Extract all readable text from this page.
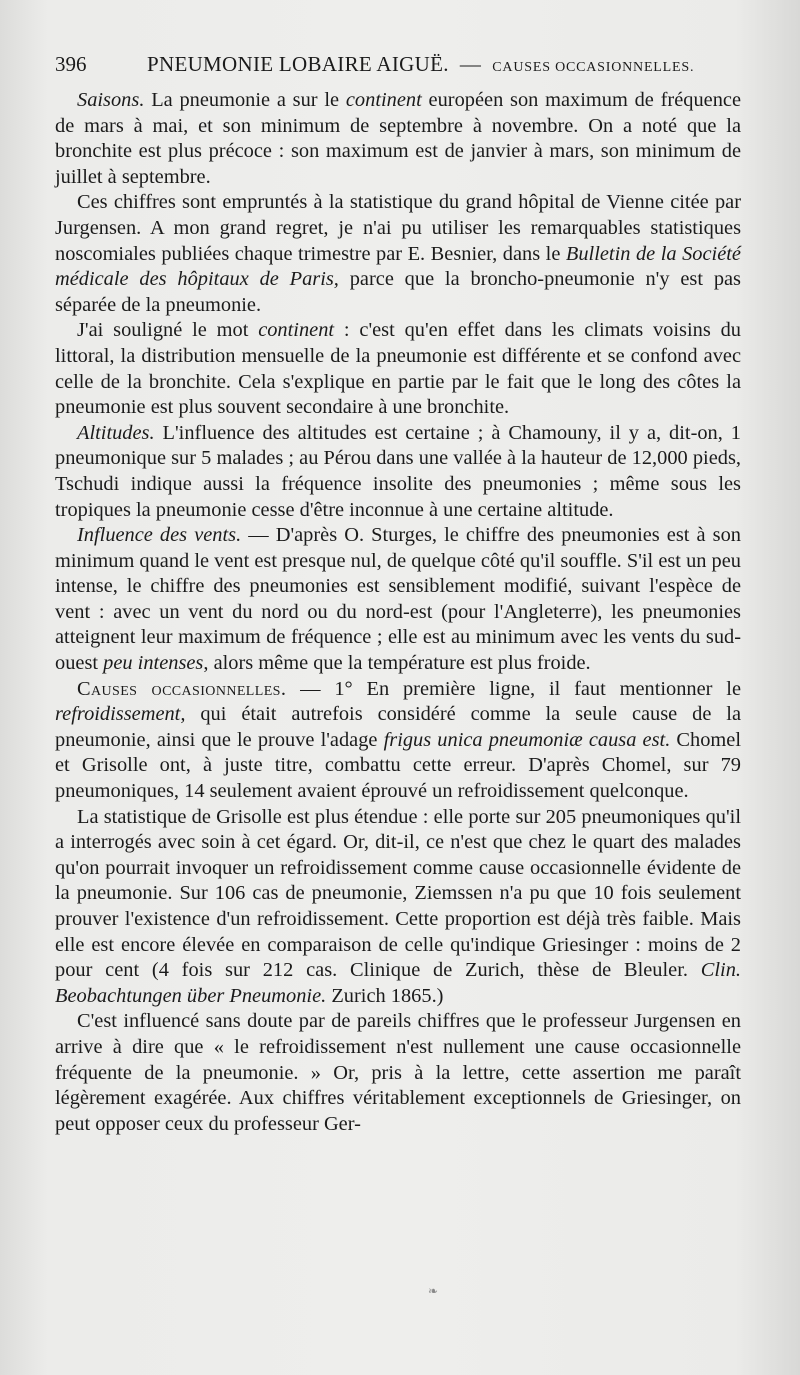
396	PNEUMONIE LOBAIRE AIGUË. — CAUSES OCCASIONNELLES.

Saisons. La pneumonie a sur le continent européen son maximum de fréquence de mars à mai, et son minimum de septembre à novembre. On a noté que la bronchite est plus précoce : son maximum est de janvier à mars, son minimum de juillet à septembre.

Ces chiffres sont empruntés à la statistique du grand hôpital de Vienne citée par Jurgensen. A mon grand regret, je n'ai pu utiliser les remarquables statistiques noscomiales publiées chaque trimestre par E. Besnier, dans le Bulletin de la Société médicale des hôpitaux de Paris, parce que la broncho-pneumonie n'y est pas séparée de la pneumonie.

J'ai souligné le mot continent : c'est qu'en effet dans les climats voisins du littoral, la distribution mensuelle de la pneumonie est différente et se confond avec celle de la bronchite. Cela s'explique en partie par le fait que le long des côtes la pneumonie est plus souvent secondaire à une bronchite.

Altitudes. L'influence des altitudes est certaine ; à Chamouny, il y a, dit-on, 1 pneumonique sur 5 malades ; au Pérou dans une vallée à la hauteur de 12,000 pieds, Tschudi indique aussi la fréquence insolite des pneumonies ; même sous les tropiques la pneumonie cesse d'être inconnue à une certaine altitude.

Influence des vents. — D'après O. Sturges, le chiffre des pneumonies est à son minimum quand le vent est presque nul, de quelque côté qu'il souffle. S'il est un peu intense, le chiffre des pneumonies est sensiblement modifié, suivant l'espèce de vent : avec un vent du nord ou du nord-est (pour l'Angleterre), les pneumonies atteignent leur maximum de fréquence ; elle est au minimum avec les vents du sud-ouest peu intenses, alors même que la température est plus froide.

Causes occasionnelles. — 1° En première ligne, il faut mentionner le refroidissement, qui était autrefois considéré comme la seule cause de la pneumonie, ainsi que le prouve l'adage frigus unica pneumoniæ causa est. Chomel et Grisolle ont, à juste titre, combattu cette erreur. D'après Chomel, sur 79 pneumoniques, 14 seulement avaient éprouvé un refroidissement quelconque.

La statistique de Grisolle est plus étendue : elle porte sur 205 pneumoniques qu'il a interrogés avec soin à cet égard. Or, dit-il, ce n'est que chez le quart des malades qu'on pourrait invoquer un refroidissement comme cause occasionnelle évidente de la pneumonie. Sur 106 cas de pneumonie, Ziemssen n'a pu que 10 fois seulement prouver l'existence d'un refroidissement. Cette proportion est déjà très faible. Mais elle est encore élevée en comparaison de celle qu'indique Griesinger : moins de 2 pour cent (4 fois sur 212 cas. Clinique de Zurich, thèse de Bleuler. Clin. Beobachtungen über Pneumonie. Zurich 1865.)

C'est influencé sans doute par de pareils chiffres que le professeur Jurgensen en arrive à dire que « le refroidissement n'est nullement une cause occasionnelle fréquente de la pneumonie. » Or, pris à la lettre, cette assertion me paraît légèrement exagérée. Aux chiffres véritablement exceptionnels de Griesinger, on peut opposer ceux du professeur Ger-

❧
